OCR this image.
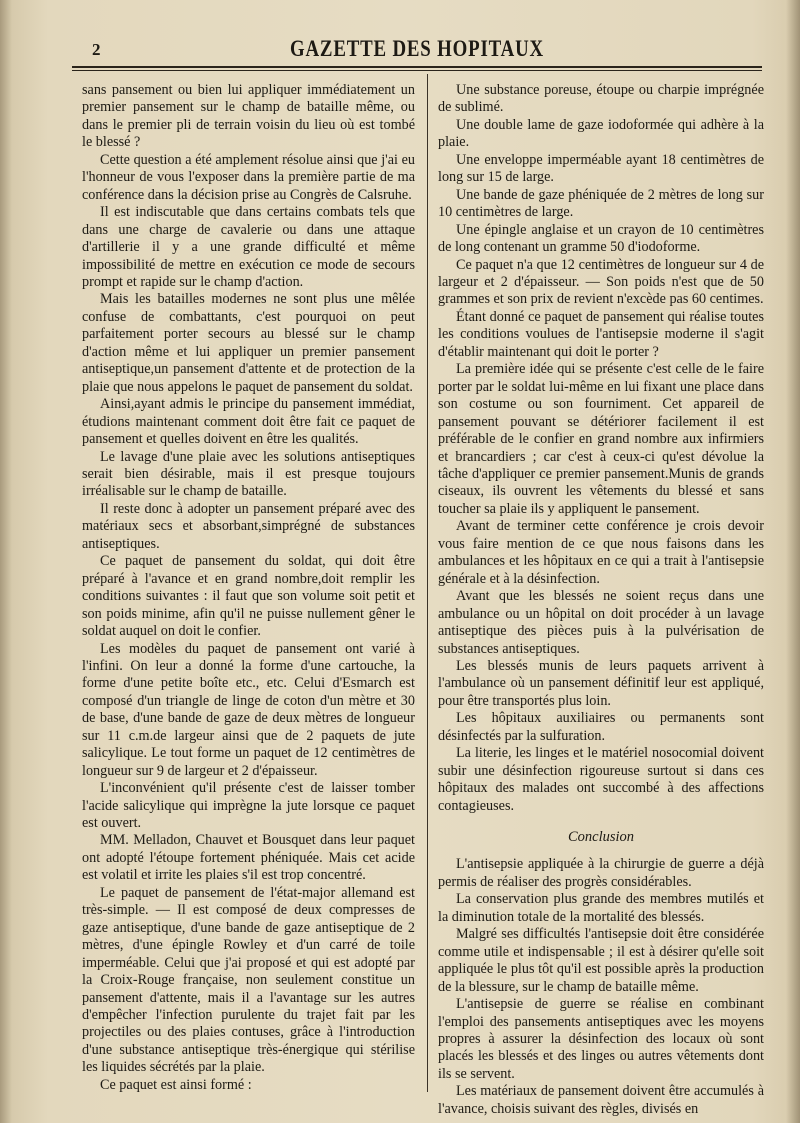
2	GAZETTE DES HOPITAUX

sans pansement ou bien lui appliquer immédiatement un premier pansement sur le champ de bataille même, ou dans le premier pli de terrain voisin du lieu où est tombé le blessé ?

Cette question a été amplement résolue ainsi que j'ai eu l'honneur de vous l'exposer dans la première partie de ma conférence dans la décision prise au Congrès de Calsruhe.

Il est indiscutable que dans certains combats tels que dans une charge de cavalerie ou dans une attaque d'artillerie il y a une grande difficulté et même impossibilité de mettre en exécution ce mode de secours prompt et rapide sur le champ d'action.

Mais les batailles modernes ne sont plus une mêlée confuse de combattants, c'est pourquoi on peut parfaitement porter secours au blessé sur le champ d'action même et lui appliquer un premier pansement antiseptique,un pansement d'attente et de protection de la plaie que nous appelons le paquet de pansement du soldat.

Ainsi,ayant admis le principe du pansement immédiat, étudions maintenant comment doit être fait ce paquet de pansement et quelles doivent en être les qualités.

Le lavage d'une plaie avec les solutions antiseptiques serait bien désirable, mais il est presque toujours irréalisable sur le champ de bataille.

Il reste donc à adopter un pansement préparé avec des matériaux secs et absorbant,simprégné de substances antiseptiques.

Ce paquet de pansement du soldat, qui doit être préparé à l'avance et en grand nombre,doit remplir les conditions suivantes : il faut que son volume soit petit et son poids minime, afin qu'il ne puisse nullement gêner le soldat auquel on doit le confier.

Les modèles du paquet de pansement ont varié à l'infini. On leur a donné la forme d'une cartouche, la forme d'une petite boîte etc., etc. Celui d'Esmarch est composé d'un triangle de linge de coton d'un mètre et 30 de base, d'une bande de gaze de deux mètres de longueur sur 11 c.m.de largeur ainsi que de 2 paquets de jute salicylique. Le tout forme un paquet de 12 centimètres de longueur sur 9 de largeur et 2 d'épaisseur.

L'inconvénient qu'il présente c'est de laisser tomber l'acide salicylique qui imprègne la jute lorsque ce paquet est ouvert.

MM. Melladon, Chauvet et Bousquet dans leur paquet ont adopté l'étoupe fortement phéniquée. Mais cet acide est volatil et irrite les plaies s'il est trop concentré.

Le paquet de pansement de l'état-major allemand est très-simple. — Il est composé de deux compresses de gaze antiseptique, d'une bande de gaze antiseptique de 2 mètres, d'une épingle Rowley et d'un carré de toile imperméable. Celui que j'ai proposé et qui est adopté par la Croix-Rouge française, non seulement constitue un pansement d'attente, mais il a l'avantage sur les autres d'empêcher l'infection purulente du trajet fait par les projectiles ou des plaies contuses, grâce à l'introduction d'une substance antiseptique très-énergique qui stérilise les liquides sécrétés par la plaie.

Ce paquet est ainsi formé :

Une substance poreuse, étoupe ou charpie imprégnée de sublimé.

Une double lame de gaze iodoformée qui adhère à la plaie.

Une enveloppe imperméable ayant 18 centimètres de long sur 15 de large.

Une bande de gaze phéniquée de 2 mètres de long sur 10 centimètres de large.

Une épingle anglaise et un crayon de 10 centimètres de long contenant un gramme 50 d'iodoforme.

Ce paquet n'a que 12 centimètres de longueur sur 4 de largeur et 2 d'épaisseur. — Son poids n'est que de 50 grammes et son prix de revient n'excède pas 60 centimes.

Étant donné ce paquet de pansement qui réalise toutes les conditions voulues de l'antisepsie moderne il s'agit d'établir maintenant qui doit le porter ?

La première idée qui se présente c'est celle de le faire porter par le soldat lui-même en lui fixant une place dans son costume ou son fourniment. Cet appareil de pansement pouvant se détériorer facilement il est préférable de le confier en grand nombre aux infirmiers et brancardiers ; car c'est à ceux-ci qu'est dévolue la tâche d'appliquer ce premier pansement.Munis de grands ciseaux, ils ouvrent les vêtements du blessé et sans toucher sa plaie ils y appliquent le pansement.

Avant de terminer cette conférence je crois devoir vous faire mention de ce que nous faisons dans les ambulances et les hôpitaux en ce qui a trait à l'antisepsie générale et à la désinfection.

Avant que les blessés ne soient reçus dans une ambulance ou un hôpital on doit procéder à un lavage antiseptique des pièces puis à la pulvérisation de substances antiseptiques.

Les blessés munis de leurs paquets arrivent à l'ambulance où un pansement définitif leur est appliqué, pour être transportés plus loin.

Les hôpitaux auxiliaires ou permanents sont désinfectés par la sulfuration.

La literie, les linges et le matériel nosocomial doivent subir une désinfection rigoureuse surtout si dans ces hôpitaux des malades ont succombé à des affections contagieuses.

Conclusion

L'antisepsie appliquée à la chirurgie de guerre a déjà permis de réaliser des progrès considérables.

La conservation plus grande des membres mutilés et la diminution totale de la mortalité des blessés.

Malgré ses difficultés l'antisepsie doit être considérée comme utile et indispensable ; il est à désirer qu'elle soit appliquée le plus tôt qu'il est possible après la production de la blessure, sur le champ de bataille même.

L'antisepsie de guerre se réalise en combinant l'emploi des pansements antiseptiques avec les moyens propres à assurer la désinfection des locaux où sont placés les blessés et des linges ou autres vêtements dont ils se servent.

Les matériaux de pansement doivent être accumulés à l'avance, choisis suivant des règles, divisés en
